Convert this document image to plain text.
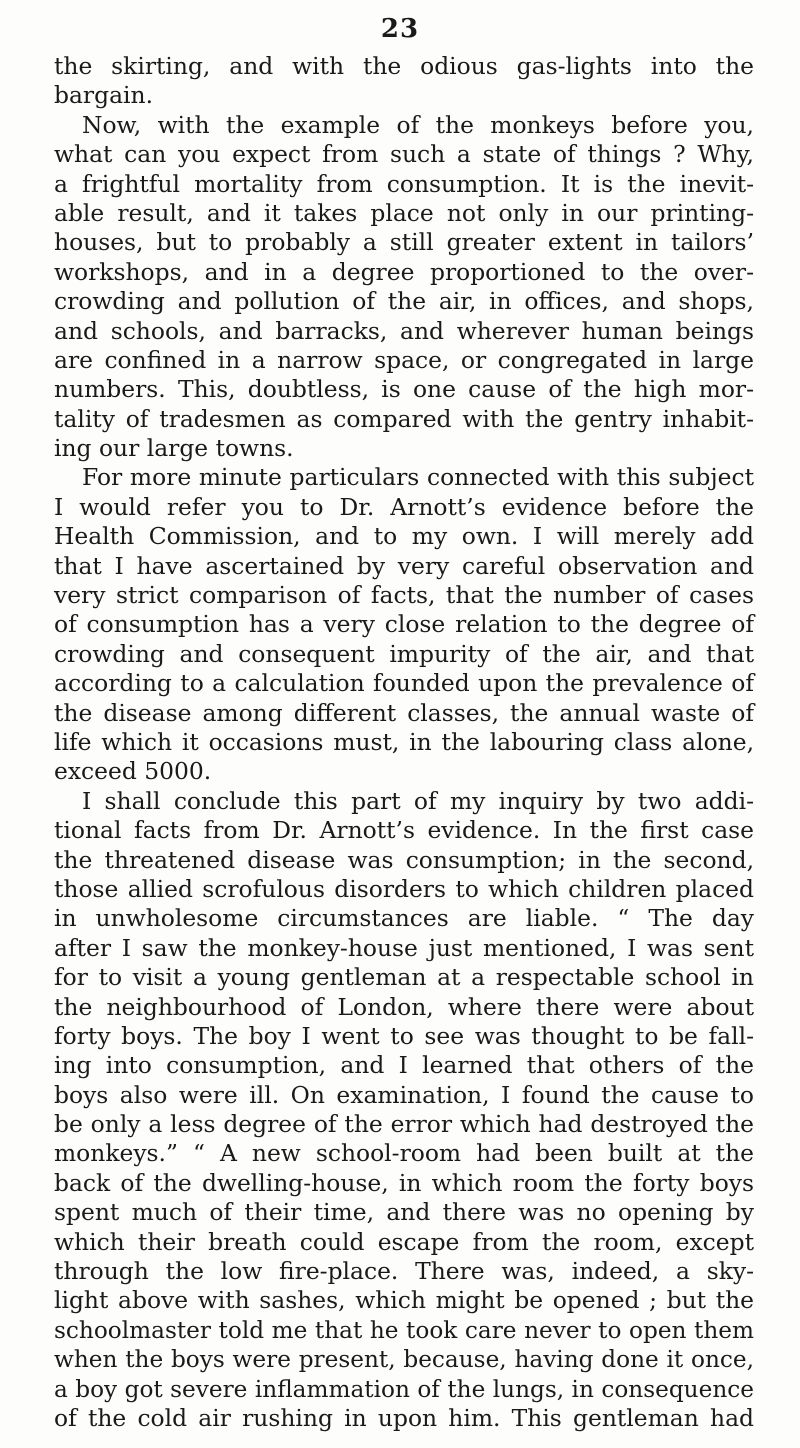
23
the skirting, and with the odious gas-lights into the
bargain.
Now, with the example of the monkeys before you,
what can you expect from such a state of things ? Why,
a frightful mortality from consumption. It is the inevit-
able result, and it takes place not only in our printing-
houses, but to probably a still greater extent in tailors’
workshops, and in a degree proportioned to the over-
crowding and pollution of the air, in offices, and shops,
and schools, and barracks, and wherever human beings
are confined in a narrow space, or congregated in large
numbers. This, doubtless, is one cause of the high mor-
tality of tradesmen as compared with the gentry inhabit-
ing our large towns.
For more minute particulars connected with this subject
I would refer you to Dr. Arnott’s evidence before the
Health Commission, and to my own. I will merely add
that I have ascertained by very careful observation and
very strict comparison of facts, that the number of cases
of consumption has a very close relation to the degree of
crowding and consequent impurity of the air, and that
according to a calculation founded upon the prevalence of
the disease among different classes, the annual waste of
life which it occasions must, in the labouring class alone,
exceed 5000.
I shall conclude this part of my inquiry by two addi-
tional facts from Dr. Arnott’s evidence. In the first case
the threatened disease was consumption; in the second,
those allied scrofulous disorders to which children placed
in unwholesome circumstances are liable. “ The day
after I saw the monkey-house just mentioned, I was sent
for to visit a young gentleman at a respectable school in
the neighbourhood of London, where there were about
forty boys. The boy I went to see was thought to be fall-
ing into consumption, and I learned that others of the
boys also were ill. On examination, I found the cause to
be only a less degree of the error which had destroyed the
monkeys.” “ A new school-room had been built at the
back of the dwelling-house, in which room the forty boys
spent much of their time, and there was no opening by
which their breath could escape from the room, except
through the low fire-place. There was, indeed, a sky-
light above with sashes, which might be opened ; but the
schoolmaster told me that he took care never to open them
when the boys were present, because, having done it once,
a boy got severe inflammation of the lungs, in consequence
of the cold air rushing in upon him. This gentleman had
